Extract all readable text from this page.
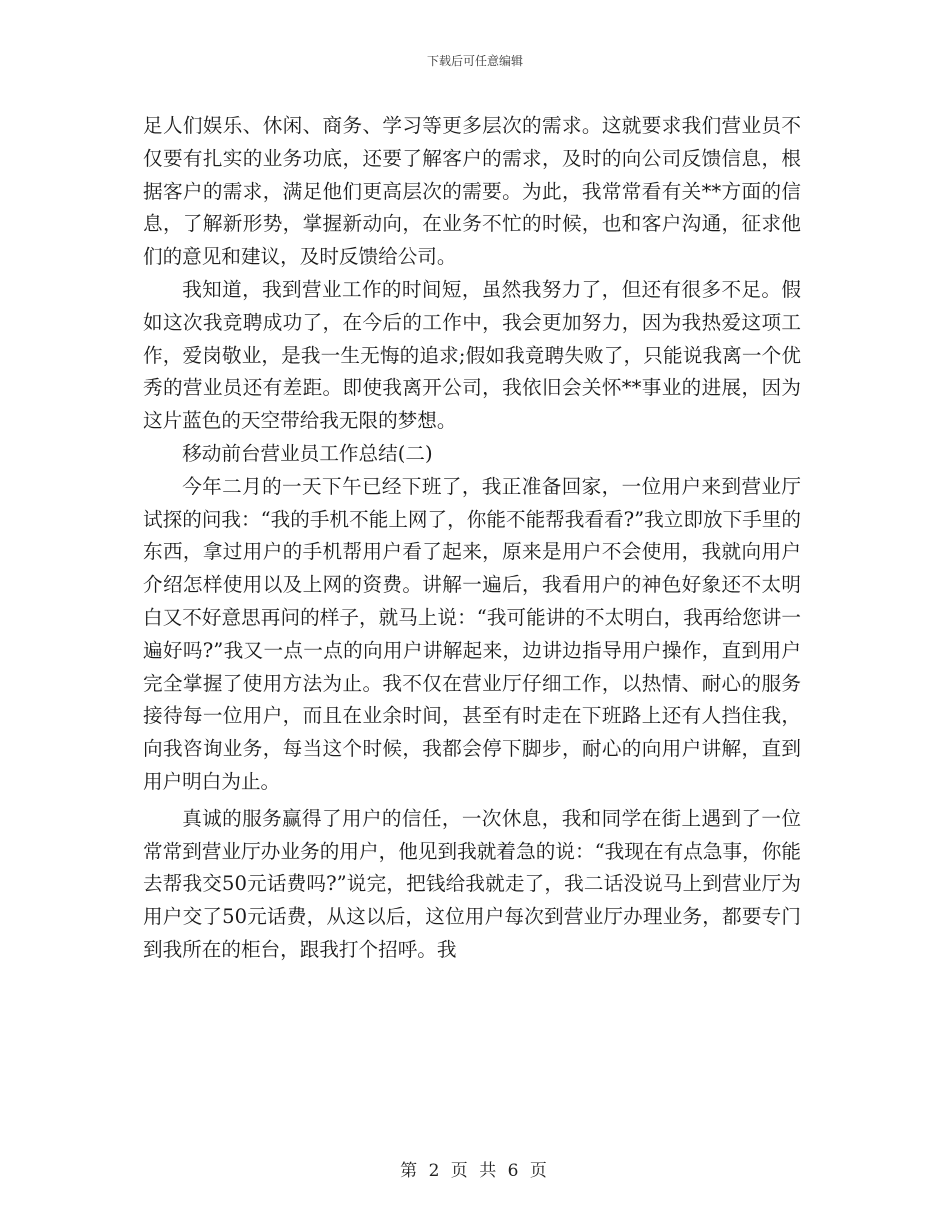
下载后可任意编辑

足人们娱乐、休闲、商务、学习等更多层次的需求。这就要求我们营业员不仅要有扎实的业务功底，还要了解客户的需求，及时的向公司反馈信息，根据客户的需求，满足他们更高层次的需要。为此，我常常看有关**方面的信息，了解新形势，掌握新动向，在业务不忙的时候，也和客户沟通，征求他们的意见和建议，及时反馈给公司。

我知道，我到营业工作的时间短，虽然我努力了，但还有很多不足。假如这次我竞聘成功了，在今后的工作中，我会更加努力，因为我热爱这项工作，爱岗敬业，是我一生无悔的追求;假如我竟聘失败了，只能说我离一个优秀的营业员还有差距。即使我离开公司，我依旧会关怀**事业的进展，因为这片蓝色的天空带给我无限的梦想。

移动前台营业员工作总结(二)

今年二月的一天下午已经下班了，我正准备回家，一位用户来到营业厅试探的问我：“我的手机不能上网了，你能不能帮我看看?”我立即放下手里的东西，拿过用户的手机帮用户看了起来，原来是用户不会使用，我就向用户介绍怎样使用以及上网的资费。讲解一遍后，我看用户的神色好象还不太明白又不好意思再问的样子，就马上说：“我可能讲的不太明白，我再给您讲一遍好吗?”我又一点一点的向用户讲解起来，边讲边指导用户操作，直到用户完全掌握了使用方法为止。我不仅在营业厅仔细工作，以热情、耐心的服务接待每一位用户，而且在业余时间，甚至有时走在下班路上还有人挡住我，向我咨询业务，每当这个时候，我都会停下脚步，耐心的向用户讲解，直到用户明白为止。

真诚的服务赢得了用户的信任，一次休息，我和同学在街上遇到了一位常常到营业厅办业务的用户，他见到我就着急的说：“我现在有点急事，你能去帮我交50元话费吗?”说完，把钱给我就走了，我二话没说马上到营业厅为用户交了50元话费，从这以后，这位用户每次到营业厅办理业务，都要专门到我所在的柜台，跟我打个招呼。我

第 2 页 共 6 页
